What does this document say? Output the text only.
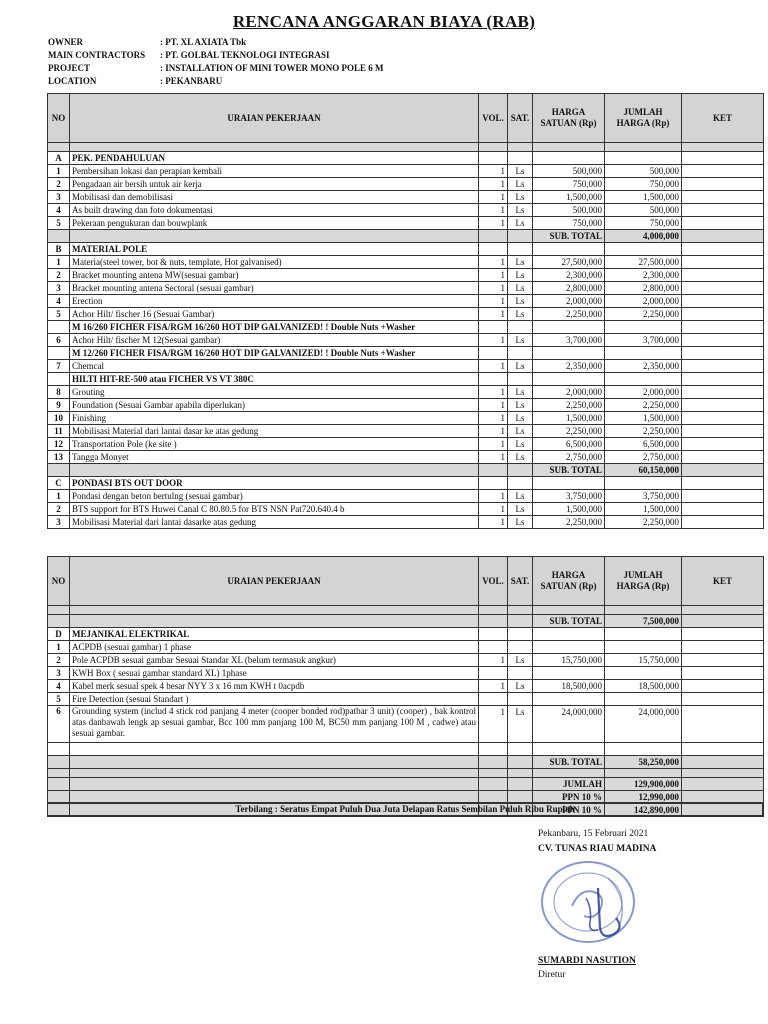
RENCANA ANGGARAN BIAYA (RAB)
OWNER	: PT. XL AXIATA Tbk
MAIN CONTRACTORS	: PT. GOLBAL TEKNOLOGI INTEGRASI
PROJECT	: INSTALLATION OF MINI TOWER MONO POLE 6 M
LOCATION	: PEKANBARU
NO	URAIAN PEKERJAAN	VOL.	SAT.	HARGA SATUAN (Rp)	JUMLAH HARGA (Rp)	KET

A	PEK. PENDAHULUAN					
1	Pembersihan lokasi dan perapian kembali	1	Ls	500,000	500,000	
2	Pengadaan air bersih untuk air kerja	1	Ls	750,000	750,000	
3	Mobilisasi dan demobilisasi	1	Ls	1,500,000	1,500,000	
4	As built drawing dan foto dokumentasi	1	Ls	500,000	500,000	
5	Pekeraan pengukuran dan bouwplank	1	Ls	750,000	750,000	
				SUB. TOTAL	4,000,000	
B	MATERIAL POLE					
1	Materia(steel tower, bot & nuts, template, Hot galvanised)	1	Ls	27,500,000	27,500,000	
2	Bracket mounting antena MW(sesuai gambar)	1	Ls	2,300,000	2,300,000	
3	Bracket mounting antena Sectoral (sesuai gambar)	1	Ls	2,800,000	2,800,000	
4	Erection	1	Ls	2,000,000	2,000,000	
5	Achor Hilt/ fischer 16 (Sesuai Gambar)	1	Ls	2,250,000	2,250,000	
	M 16/260 FICHER FISA/RGM 16/260 HOT DIP GALVANIZED! ! Double Nuts +Washer					
6	Achor Hilt/ fischer M 12(Sesuai gambar)	1	Ls	3,700,000	3,700,000	
	M 12/260 FICHER FISA/RGM 16/260 HOT DIP GALVANIZED! ! Double Nuts +Washer					
7	Chemcal	1	Ls	2,350,000	2,350,000	
	HILTI HIT-RE-500 atau FICHER VS VT 380C					
8	Grouting	1	Ls	2,000,000	2,000,000	
9	Foundation (Sesuai Gambar apabila diperlukan)	1	Ls	2,250,000	2,250,000	
10	Finishing	1	Ls	1,500,000	1,500,000	
11	Mobilisasi Material dari lantai dasar ke atas gedung	1	Ls	2,250,000	2,250,000	
12	Transportation Pole (ke site )	1	Ls	6,500,000	6,500,000	
13	Tangga Monyet	1	Ls	2,750,000	2,750,000	
				SUB. TOTAL	60,150,000	
C	PONDASI BTS OUT DOOR					
1	Pondasi dengan beton bertulng (sesuai gambar)	1	Ls	3,750,000	3,750,000	
2	BTS support for BTS Huwei Canal C 80.80.5 for BTS NSN Pat720.640.4 b	1	Ls	1,500,000	1,500,000	
3	Mobilisasi Material dari lantai dasarke atas gedung	1	Ls	2,250,000	2,250,000	
NO	URAIAN PEKERJAAN	VOL.	SAT.	HARGA SATUAN (Rp)	JUMLAH HARGA (Rp)	KET

				SUB. TOTAL	7,500,000	
D	MEJANIKAL ELEKTRIKAL					
1	ACPDB (sesuai gambar) 1 phase					
2	Pole ACPDB sesuai gambar Sesuai Standar XL (belum termasuk angkur)	1	Ls	15,750,000	15,750,000	
3	KWH Box ( sesuai gambar standard XL) 1phase					
4	Kabel merk sesual spek 4 besar NYY 3 x 16 mm KWH t 0acpdb	1	Ls	18,500,000	18,500,000	
5	Fire Detection (sesuai Standart )					
6	Grounding system (includ 4 stick rod panjang 4 meter (cooper bonded rod)patbar 3 unit) (cooper) , bak kontrol atas danbawah lengk ap sesuai gambar, Bcc 100 mm panjang 100 M, BC50 mm panjang 100 M , cadwe) atau sesuai gambar.	1	Ls	24,000,000	24,000,000	

				SUB. TOTAL	58,250,000	

				JUMLAH	129,900,000	
				PPN 10 %	12,990,000	
				PPN 10 %	142,890,000	
Terbilang : Seratus Empat Puluh Dua Juta Delapan Ratus Sembilan Puluh Ribu Rupiah
Pekanbaru, 15 Februari 2021
CV. TUNAS RIAU MADINA
SUMARDI NASUTION
Diretur
